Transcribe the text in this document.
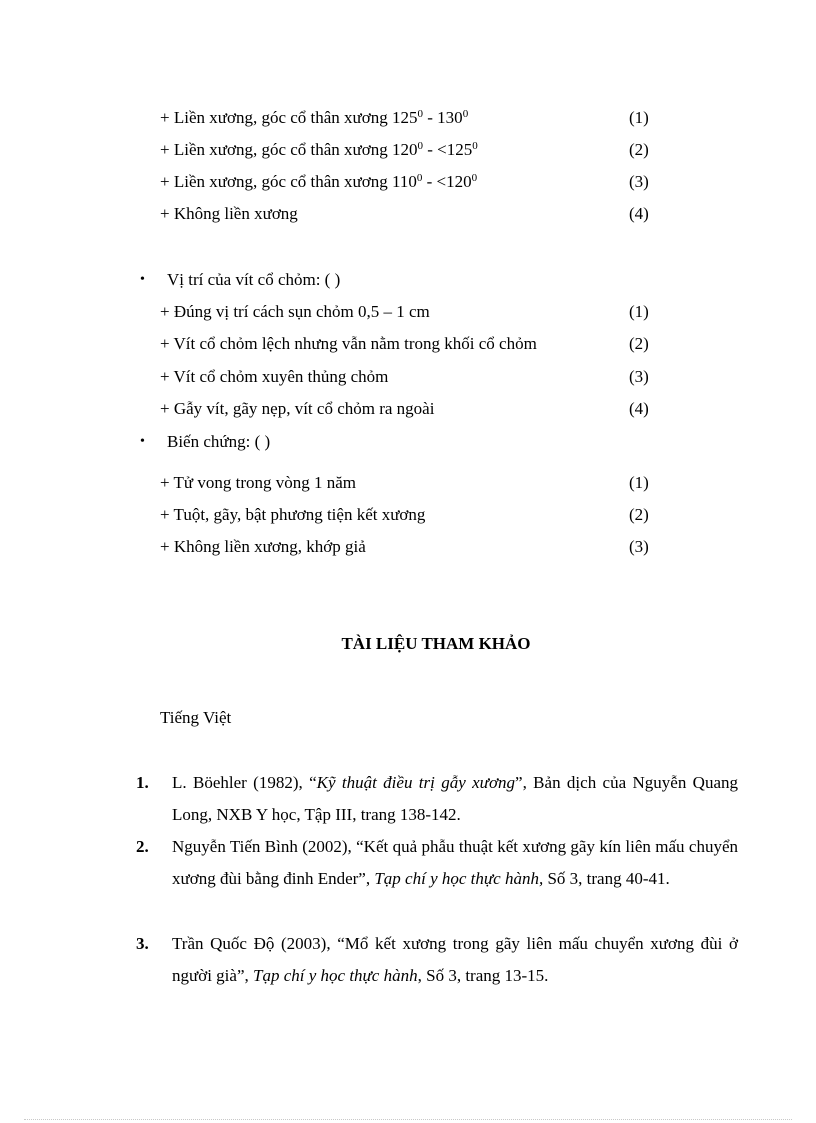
+ Liền xương, góc cổ thân xương $125^0 - 130^0$	(1)
+ Liền xương, góc cổ thân xương $120^0 - <125^0$	(2)
+ Liền xương, góc cổ thân xương $110^0 - <120^0$	(3)
+ Không liền xương	(4)
• Vị trí của vít cổ chỏm: ( )
+ Đúng vị trí cách sụn chỏm 0,5 – 1 cm	(1)
+ Vít cổ chỏm lệch nhưng vẫn nằm trong khối cổ chỏm	(2)
+ Vít cổ chỏm xuyên thủng chỏm	(3)
+ Gẫy vít, gãy nẹp, vít cổ chỏm ra ngoài	(4)
• Biến chứng: ( )
+ Tử vong trong vòng 1 năm	(1)
+ Tuột, gãy, bật phương tiện kết xương	(2)
+ Không liền xương, khớp giả	(3)
TÀI LIỆU THAM KHẢO
Tiếng Việt
1. L. Böehler (1982), “Kỹ thuật điều trị gẫy xương”, Bản dịch của Nguyễn Quang Long, NXB Y học, Tập III, trang 138-142.
2. Nguyễn Tiến Bình (2002), “Kết quả phẫu thuật kết xương gãy kín liên mấu chuyển xương đùi bằng đinh Ender”, Tạp chí y học thực hành, Số 3, trang 40-41.
3. Trần Quốc Độ (2003), “Mổ kết xương trong gãy liên mấu chuyển xương đùi ở người già”, Tạp chí y học thực hành, Số 3, trang 13-15.
